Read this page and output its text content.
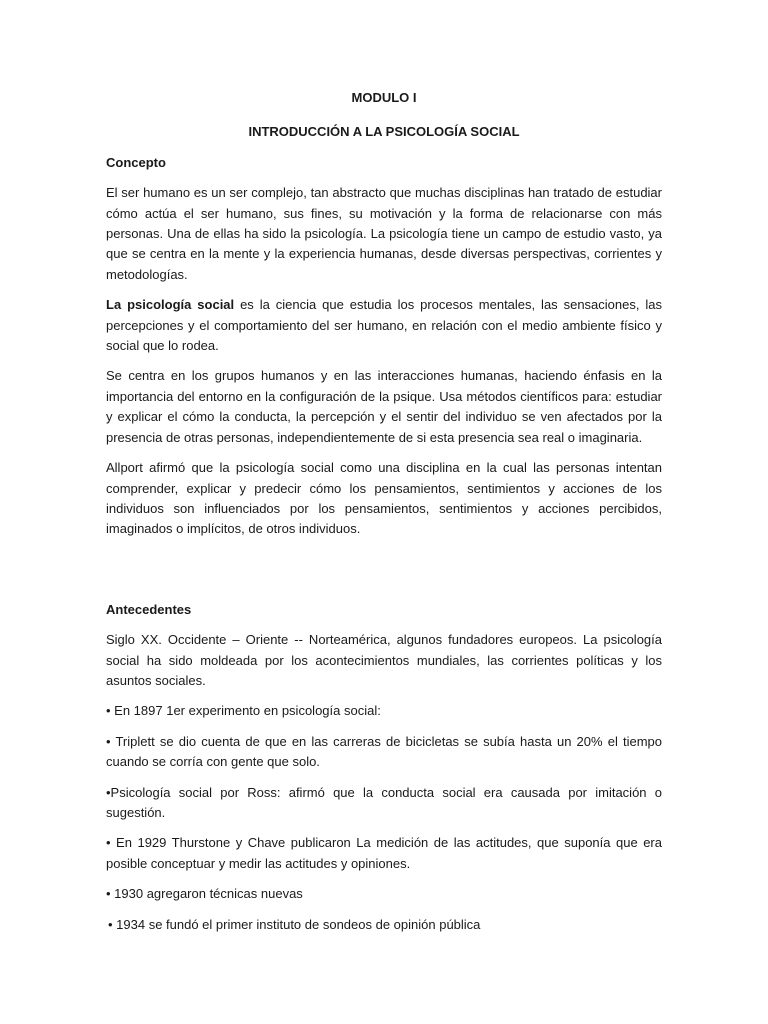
MODULO I

INTRODUCCIÓN A LA PSICOLOGÍA SOCIAL

Concepto

El ser humano es un ser complejo, tan abstracto que muchas disciplinas han tratado de estudiar cómo actúa el ser humano, sus fines, su motivación y la forma de relacionarse con más personas. Una de ellas ha sido la psicología. La psicología tiene un campo de estudio vasto, ya que se centra en la mente y la experiencia humanas, desde diversas perspectivas, corrientes y metodologías.

La psicología social es la ciencia que estudia los procesos mentales, las sensaciones, las percepciones y el comportamiento del ser humano, en relación con el medio ambiente físico y social que lo rodea.

Se centra en los grupos humanos y en las interacciones humanas, haciendo énfasis en la importancia del entorno en la configuración de la psique. Usa métodos científicos para: estudiar y explicar el cómo la conducta, la percepción y el sentir del individuo se ven afectados por la presencia de otras personas, independientemente de si esta presencia sea real o imaginaria.

Allport afirmó que la psicología social como una disciplina en la cual las personas intentan comprender, explicar y predecir cómo los pensamientos, sentimientos y acciones de los individuos son influenciados por los pensamientos, sentimientos y acciones percibidos, imaginados o implícitos, de otros individuos.

Antecedentes

Siglo XX. Occidente – Oriente -- Norteamérica, algunos fundadores europeos. La psicología social ha sido moldeada por los acontecimientos mundiales, las corrientes políticas y los asuntos sociales.

• En 1897 1er experimento en psicología social:

• Triplett se dio cuenta de que en las carreras de bicicletas se subía hasta un 20% el tiempo cuando se corría con gente que solo.

•Psicología social por Ross: afirmó que la conducta social era causada por imitación o sugestión.

• En 1929 Thurstone y Chave publicaron La medición de las actitudes, que suponía que era posible conceptuar y medir las actitudes y opiniones.

• 1930 agregaron técnicas nuevas

• 1934 se fundó el primer instituto de sondeos de opinión pública
